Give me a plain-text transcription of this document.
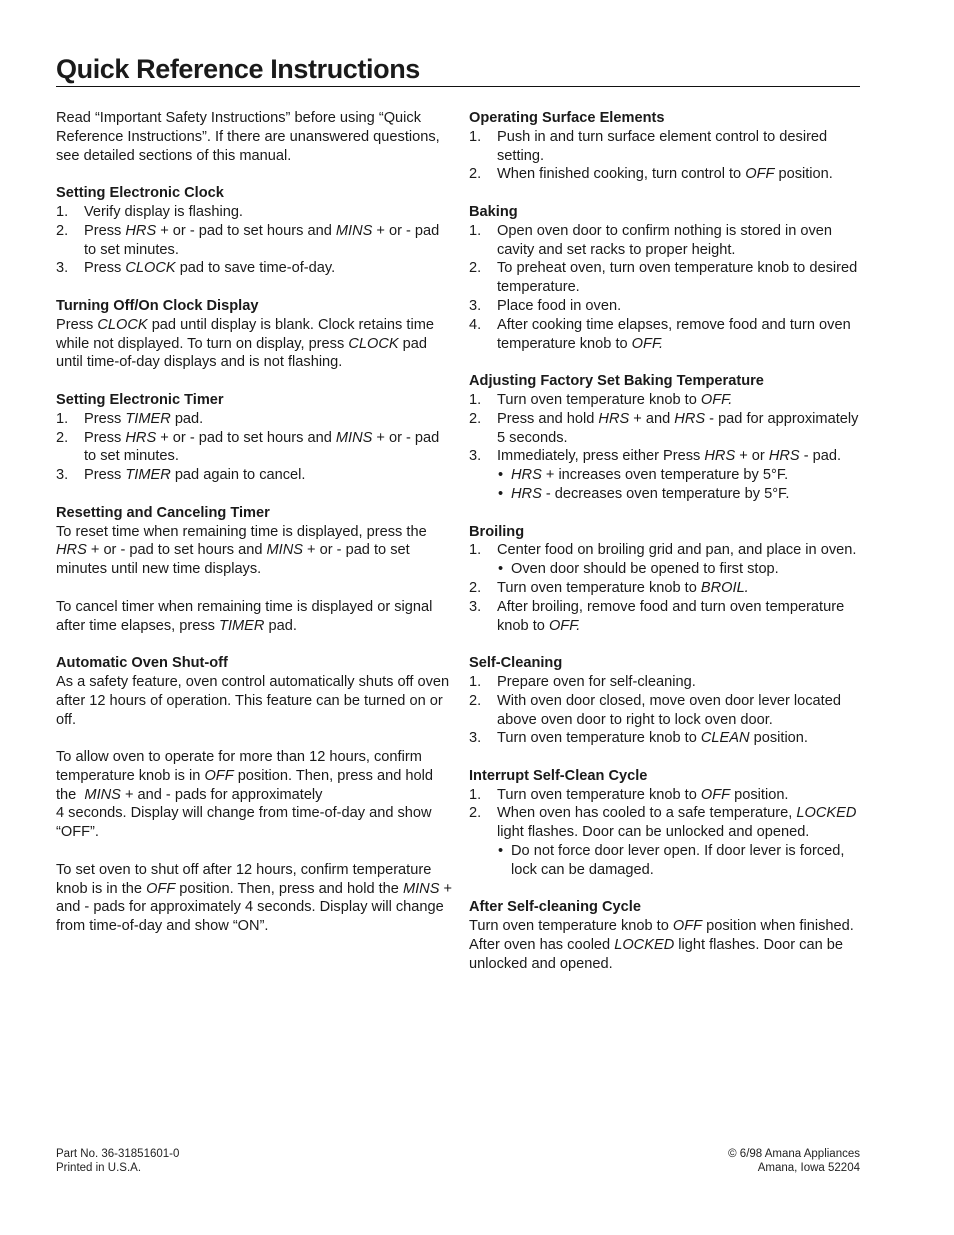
Quick Reference Instructions

Read “Important Safety Instructions” before using “Quick Reference Instructions”. If there are unanswered questions, see detailed sections of this manual.

Setting Electronic Clock
1. Verify display is flashing.
2. Press HRS + or - pad to set hours and MINS + or - pad to set minutes.
3. Press CLOCK pad to save time-of-day.
Turning Off/On Clock Display

Press CLOCK pad until display is blank. Clock retains time while not displayed. To turn on display, press CLOCK pad until time-of-day displays and is not flashing.

Setting Electronic Timer
1. Press TIMER pad.
2. Press HRS + or - pad to set hours and MINS + or - pad to set minutes.
3. Press TIMER pad again to cancel.
Resetting and Canceling Timer

To reset time when remaining time is displayed, press the HRS + or - pad to set hours and MINS + or - pad to set minutes until new time displays.

To cancel timer when remaining time is displayed or signal after time elapses, press TIMER pad.

Automatic Oven Shut-off

As a safety feature, oven control automatically shuts off oven after 12 hours of operation. This feature can be turned on or off.

To allow oven to operate for more than 12 hours, confirm temperature knob is in OFF position. Then, press and hold the  MINS + and - pads for approximately
4 seconds. Display will change from time-of-day and show “OFF”.

To set oven to shut off after 12 hours, confirm temperature knob is in the OFF position. Then, press and hold the MINS + and - pads for approximately 4 seconds. Display will change from time-of-day and show “ON”.

Operating Surface Elements
1. Push in and turn surface element control to desired setting.
2. When finished cooking, turn control to OFF position.
Baking
1. Open oven door to confirm nothing is stored in oven cavity and set racks to proper height.
2. To preheat oven, turn oven temperature knob to desired temperature.
3. Place food in oven.
4. After cooking time elapses, remove food and turn oven temperature knob to OFF.
Adjusting Factory Set Baking Temperature
1. Turn oven temperature knob to OFF.
2. Press and hold HRS + and HRS - pad for approximately 5 seconds.
3. Immediately, press either Press HRS + or HRS - pad.
• HRS + increases oven temperature by 5°F.
• HRS - decreases oven temperature by 5°F.
Broiling
1. Center food on broiling grid and pan, and place in oven.
• Oven door should be opened to first stop.
2. Turn oven temperature knob to BROIL.
3. After broiling, remove food and turn oven temperature knob to OFF.
Self-Cleaning
1. Prepare oven for self-cleaning.
2. With oven door closed, move oven door lever located above oven door to right to lock oven door.
3. Turn oven temperature knob to CLEAN position.
Interrupt Self-Clean Cycle
1. Turn oven temperature knob to OFF position.
2. When oven has cooled to a safe temperature, LOCKED light flashes. Door can be unlocked and opened.
• Do not force door lever open. If door lever is forced, lock can be damaged.
After Self-cleaning Cycle

Turn oven temperature knob to OFF position when finished. After oven has cooled LOCKED light flashes. Door can be unlocked and opened.

Part No. 36-31851601-0
Printed in U.S.A.
© 6/98 Amana Appliances
Amana, Iowa 52204
